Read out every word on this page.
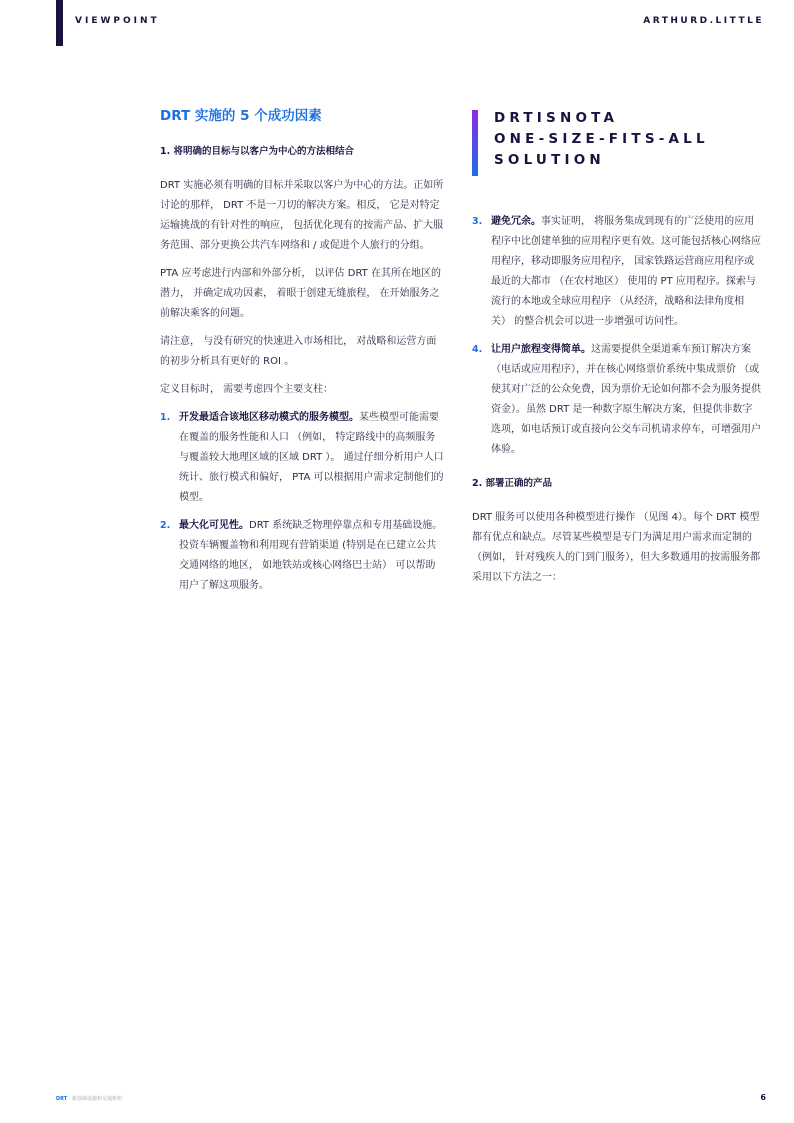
VIEWPOINT	ARTHURD.LITTLE
DRT 实施的 5 个成功因素
1. 将明确的目标与以客户为中心的方法相结合

DRT 实施必须有明确的目标并采取以客户为中心的方法。正如所讨论的那样， DRT 不是一刀切的解决方案。相反， 它是对特定运输挑战的有针对性的响应， 包括优化现有的按需产品、扩大服务范围、部分更换公共汽车网络和 / 或促进个人旅行的分组。

PTA 应考虑进行内部和外部分析， 以评估 DRT 在其所在地区的潜力， 并确定成功因素， 着眼于创建无缝旅程， 在开始服务之前解决乘客的问题。

请注意， 与没有研究的快速进入市场相比， 对战略和运营方面的初步分析具有更好的 ROI 。

定义目标时， 需要考虑四个主要支柱：

1. 开发最适合该地区移动模式的服务模型。某些模型可能需要在覆盖的服务性能和人口 （例如， 特定路线中的高频服务与覆盖较大地理区域的区域 DRT ）。 通过仔细分析用户人口统计、旅行模式和偏好， PTA 可以根据用户需求定制他们的模型。
2. 最大化可见性。DRT 系统缺乏物理停靠点和专用基础设施。投资车辆覆盖物和利用现有营销渠道 (特别是在已建立公共交通网络的地区， 如地铁站或核心网络巴士站） 可以帮助用户了解这项服务。
DRTISNOTA
ONE-SIZE-FITS-ALL
SOLUTION
3. 避免冗余。事实证明， 将服务集成到现有的广泛使用的应用程序中比创建单独的应用程序更有效。这可能包括核心网络应用程序，移动即服务应用程序， 国家铁路运营商应用程序或最近的大都市 （在农村地区） 使用的 PT 应用程序。探索与流行的本地或全球应用程序 （从经济，战略和法律角度相关） 的整合机会可以进一步增强可访问性。
4. 让用户旅程变得简单。这需要提供全渠道乘车预订解决方案 （电话或应用程序），并在核心网络票价系统中集成票价 （或使其对广泛的公众免费，因为票价无论如何都不会为服务提供资金）。虽然 DRT 是一种数字原生解决方案，但提供非数字选项，如电话预订或直接向公交车司机请求停车，可增强用户体验。
2. 部署正确的产品

DRT 服务可以使用各种模型进行操作 （见图 4）。每个 DRT 模型都有优点和缺点。尽管某些模型是专门为满足用户需求而定制的 （例如， 针对残疾人的门到门服务），但大多数通用的按需服务都采用以下方法之一：

DRT · 新基础设施和交通枢纽	6
